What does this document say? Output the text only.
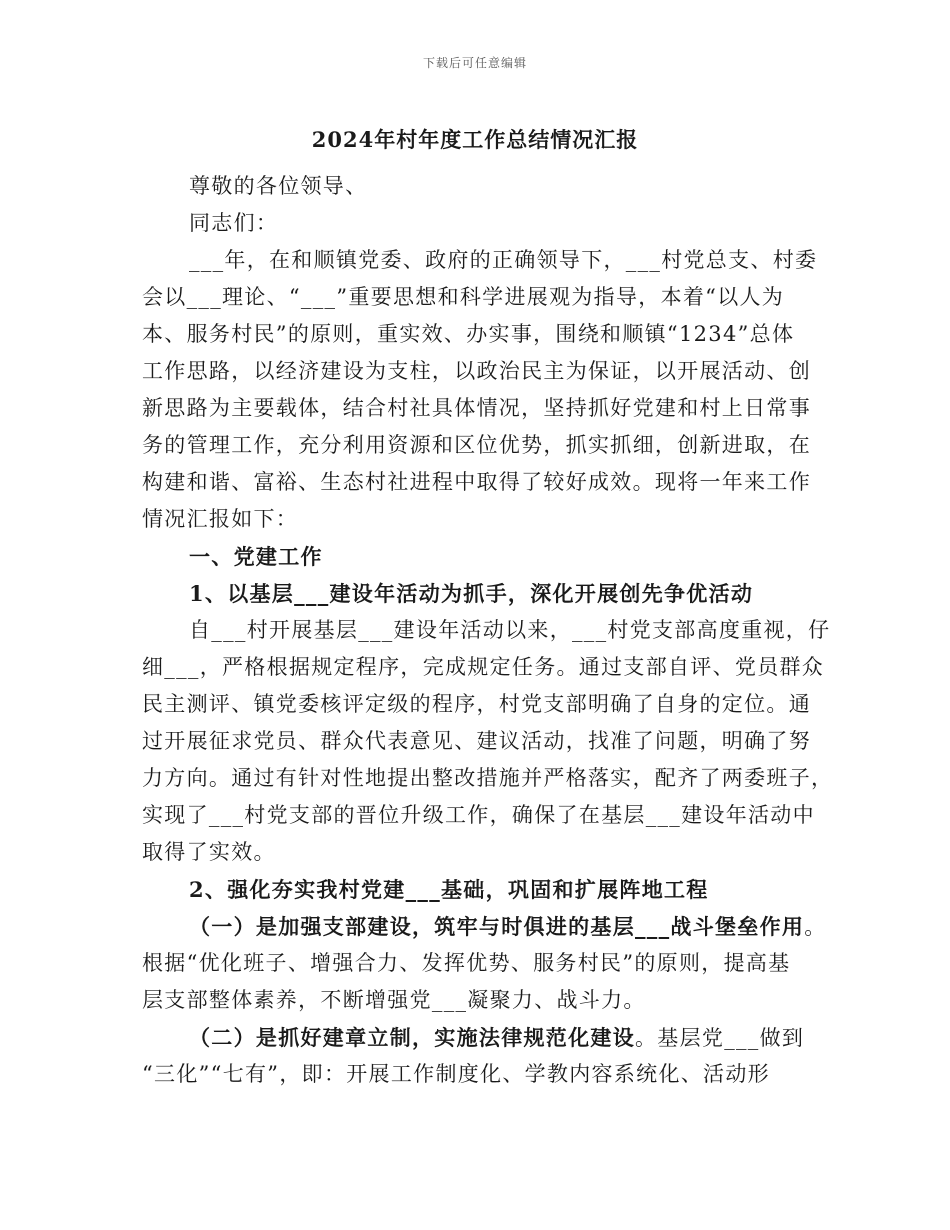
下载后可任意编辑
2024年村年度工作总结情况汇报
尊敬的各位领导、
同志们：
___年，在和顺镇党委、政府的正确领导下，___村党总支、村委
会以___理论、“___”重要思想和科学进展观为指导，本着“以人为
本、服务村民”的原则，重实效、办实事，围绕和顺镇“1234”总体
工作思路，以经济建设为支柱，以政治民主为保证，以开展活动、创
新思路为主要载体，结合村社具体情况，坚持抓好党建和村上日常事
务的管理工作，充分利用资源和区位优势，抓实抓细，创新进取，在
构建和谐、富裕、生态村社进程中取得了较好成效。现将一年来工作
情况汇报如下：
一、党建工作
1、以基层___建设年活动为抓手，深化开展创先争优活动
自___村开展基层___建设年活动以来，___村党支部高度重视，仔
细___，严格根据规定程序，完成规定任务。通过支部自评、党员群众
民主测评、镇党委核评定级的程序，村党支部明确了自身的定位。通
过开展征求党员、群众代表意见、建议活动，找准了问题，明确了努
力方向。通过有针对性地提出整改措施并严格落实，配齐了两委班子，
实现了___村党支部的晋位升级工作，确保了在基层___建设年活动中
取得了实效。
2、强化夯实我村党建___基础，巩固和扩展阵地工程
（一）是加强支部建设，筑牢与时俱进的基层___战斗堡垒作用。
根据“优化班子、增强合力、发挥优势、服务村民”的原则，提高基
层支部整体素养，不断增强党___凝聚力、战斗力。
（二）是抓好建章立制，实施法律规范化建设。基层党___做到
“三化”“七有”，即：开展工作制度化、学教内容系统化、活动形
